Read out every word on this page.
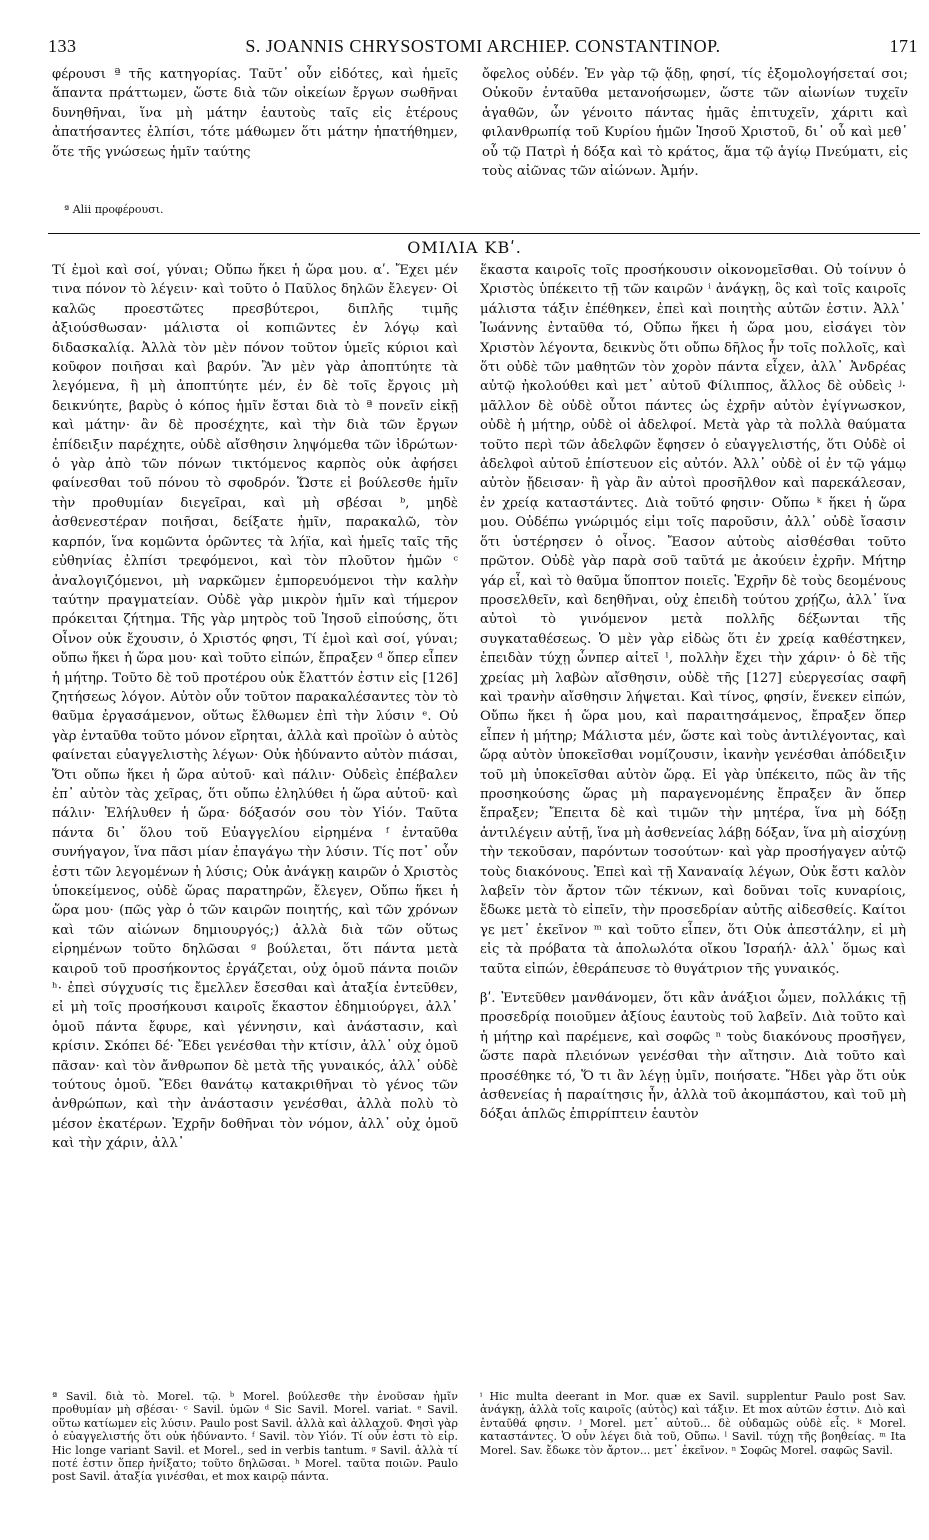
133	S. JOANNIS CHRYSOSTOMI ARCHIEP. CONSTANTINOP.	171

φέρουσι ª τῆς κατηγορίας. Ταῦτ᾽ οὖν εἰδότες, καὶ ἡμεῖς ἅπαντα πράττωμεν, ὥστε διὰ τῶν οἰκείων ἔργων σωθῆναι δυνηθῆναι, ἵνα μὴ μάτην ἑαυτοὺς ταῖς εἰς ἑτέρους ἀπατήσαντες ἐλπίσι, τότε μάθωμεν ὅτι μάτην ἠπατήθημεν, ὅτε τῆς γνώσεως ἡμῖν ταύτης

ª Alii προφέρουσι.

ὄφελος οὐδέν. Ἐν γὰρ τῷ ᾅδῃ, φησί, τίς ἐξομολογήσεταί σοι; Οὐκοῦν ἐνταῦθα μετανοήσωμεν, ὥστε τῶν αἰωνίων τυχεῖν ἀγαθῶν, ὧν γένοιτο πάντας ἡμᾶς ἐπιτυχεῖν, χάριτι καὶ φιλανθρωπίᾳ τοῦ Κυρίου ἡμῶν Ἰησοῦ Χριστοῦ, δι᾽ οὗ καὶ μεθ᾽ οὗ τῷ Πατρὶ ἡ δόξα καὶ τὸ κράτος, ἅμα τῷ ἁγίῳ Πνεύματι, εἰς τοὺς αἰῶνας τῶν αἰώνων. Ἀμήν.

ΟΜΙΛΙΑ ΚΒʹ.

Τί ἐμοὶ καὶ σοί, γύναι; Οὔπω ἥκει ἡ ὥρα μου. αʹ. Ἔχει μέν τινα πόνον τὸ λέγειν· καὶ τοῦτο ὁ Παῦλος δηλῶν ἔλεγεν· Οἱ καλῶς προεστῶτες πρεσβύτεροι, διπλῆς τιμῆς ἀξιούσθωσαν· μάλιστα οἱ κοπιῶντες ἐν λόγῳ καὶ διδασκαλίᾳ. Ἀλλὰ τὸν μὲν πόνον τοῦτον ὑμεῖς κύριοι καὶ κοῦφον ποιῆσαι καὶ βαρύν. Ἂν μὲν γὰρ ἀποπτύητε τὰ λεγόμενα, ἢ μὴ ἀποπτύητε μέν, ἐν δὲ τοῖς ἔργοις μὴ δεικνύητε, βαρὺς ὁ κόπος ἡμῖν ἔσται διὰ τὸ ª πονεῖν εἰκῇ καὶ μάτην· ἂν δὲ προσέχητε, καὶ τὴν διὰ τῶν ἔργων ἐπίδειξιν παρέχητε, οὐδὲ αἴσθησιν ληψόμεθα τῶν ἱδρώτων· ὁ γὰρ ἀπὸ τῶν πόνων τικτόμενος καρπὸς οὐκ ἀφήσει φαίνεσθαι τοῦ πόνου τὸ σφοδρόν. Ὥστε εἰ βούλεσθε ἡμῖν τὴν προθυμίαν διεγεῖραι, καὶ μὴ σβέσαι ᵇ, μηδὲ ἀσθενεστέραν ποιῆσαι, δείξατε ἡμῖν, παρακαλῶ, τὸν καρπόν, ἵνα κομῶντα ὁρῶντες τὰ λήϊα, καὶ ἡμεῖς ταῖς τῆς εὐθηνίας ἐλπίσι τρεφόμενοι, καὶ τὸν πλοῦτον ἡμῶν ᶜ ἀναλογιζόμενοι, μὴ ναρκῶμεν ἐμπορευόμενοι τὴν καλὴν ταύτην πραγματείαν. Οὐδὲ γὰρ μικρὸν ἡμῖν καὶ τήμερον πρόκειται ζήτημα. Τῆς γὰρ μητρὸς τοῦ Ἰησοῦ εἰπούσης, ὅτι Οἶνον οὐκ ἔχουσιν, ὁ Χριστός φησι, Τί ἐμοὶ καὶ σοί, γύναι; οὔπω ἥκει ἡ ὥρα μου· καὶ τοῦτο εἰπών, ἔπραξεν ᵈ ὅπερ εἶπεν ἡ μήτηρ. Τοῦτο δὲ τοῦ προτέρου οὐκ ἔλαττόν ἐστιν εἰς [126] ζητήσεως λόγον. Αὐτὸν οὖν τοῦτον παρακαλέσαντες τὸν τὸ θαῦμα ἐργασάμενον, οὕτως ἔλθωμεν ἐπὶ τὴν λύσιν ᵉ. Οὐ γὰρ ἐνταῦθα τοῦτο μόνον εἴρηται, ἀλλὰ καὶ προϊὼν ὁ αὐτὸς φαίνεται εὐαγγελιστὴς λέγων· Οὐκ ἠδύναντο αὐτὸν πιάσαι, Ὅτι οὔπω ἥκει ἡ ὥρα αὐτοῦ· καὶ πάλιν· Οὐδεὶς ἐπέβαλεν ἐπ᾽ αὐτὸν τὰς χεῖρας, ὅτι οὔπω ἐληλύθει ἡ ὥρα αὐτοῦ· καὶ πάλιν· Ἐλήλυθεν ἡ ὥρα· δόξασόν σου τὸν Υἱόν. Ταῦτα πάντα δι᾽ ὅλου τοῦ Εὐαγγελίου εἰρημένα ᶠ ἐνταῦθα συνήγαγον, ἵνα πᾶσι μίαν ἐπαγάγω τὴν λύσιν. Τίς ποτ᾽ οὖν ἐστι τῶν λεγομένων ἡ λύσις; Οὐκ ἀνάγκῃ καιρῶν ὁ Χριστὸς ὑποκείμενος, οὐδὲ ὥρας παρατηρῶν, ἔλεγεν, Οὔπω ἥκει ἡ ὥρα μου· (πῶς γὰρ ὁ τῶν καιρῶν ποιητής, καὶ τῶν χρόνων καὶ τῶν αἰώνων δημιουργός;) ἀλλὰ διὰ τῶν οὕτως εἰρημένων τοῦτο δηλῶσαι ᵍ βούλεται, ὅτι πάντα μετὰ καιροῦ τοῦ προσήκοντος ἐργάζεται, οὐχ ὁμοῦ πάντα ποιῶν ʰ· ἐπεὶ σύγχυσίς τις ἔμελλεν ἔσεσθαι καὶ ἀταξία ἐντεῦθεν, εἰ μὴ τοῖς προσήκουσι καιροῖς ἕκαστον ἐδημιούργει, ἀλλ᾽ ὁμοῦ πάντα ἔφυρε, καὶ γέννησιν, καὶ ἀνάστασιν, καὶ κρίσιν. Σκόπει δέ· Ἔδει γενέσθαι τὴν κτίσιν, ἀλλ᾽ οὐχ ὁμοῦ πᾶσαν· καὶ τὸν ἄνθρωπον δὲ μετὰ τῆς γυναικός, ἀλλ᾽ οὐδὲ τούτους ὁμοῦ. Ἔδει θανάτῳ κατακριθῆναι τὸ γένος τῶν ἀνθρώπων, καὶ τὴν ἀνάστασιν γενέσθαι, ἀλλὰ πολὺ τὸ μέσον ἑκατέρων. Ἐχρῆν δοθῆναι τὸν νόμον, ἀλλ᾽ οὐχ ὁμοῦ καὶ τὴν χάριν, ἀλλ᾽

ἕκαστα καιροῖς τοῖς προσήκουσιν οἰκονομεῖσθαι. Οὐ τοίνυν ὁ Χριστὸς ὑπέκειτο τῇ τῶν καιρῶν ⁱ ἀνάγκῃ, ὃς καὶ τοῖς καιροῖς μάλιστα τάξιν ἐπέθηκεν, ἐπεὶ καὶ ποιητὴς αὐτῶν ἐστιν. Ἀλλ᾽ Ἰωάννης ἐνταῦθα τό, Οὔπω ἥκει ἡ ὥρα μου, εἰσάγει τὸν Χριστὸν λέγοντα, δεικνὺς ὅτι οὔπω δῆλος ἦν τοῖς πολλοῖς, καὶ ὅτι οὐδὲ τῶν μαθητῶν τὸν χορὸν πάντα εἶχεν, ἀλλ᾽ Ἀνδρέας αὐτῷ ἠκολούθει καὶ μετ᾽ αὐτοῦ Φίλιππος, ἄλλος δὲ οὐδεὶς ʲ· μᾶλλον δὲ οὐδὲ οὗτοι πάντες ὡς ἐχρῆν αὐτὸν ἐγίγνωσκον, οὐδὲ ἡ μήτηρ, οὐδὲ οἱ ἀδελφοί. Μετὰ γὰρ τὰ πολλὰ θαύματα τοῦτο περὶ τῶν ἀδελφῶν ἔφησεν ὁ εὐαγγελιστής, ὅτι Οὐδὲ οἱ ἀδελφοὶ αὐτοῦ ἐπίστευον εἰς αὐτόν. Ἀλλ᾽ οὐδὲ οἱ ἐν τῷ γάμῳ αὐτὸν ᾔδεισαν· ἢ γὰρ ἂν αὐτοὶ προσῆλθον καὶ παρεκάλεσαν, ἐν χρείᾳ καταστάντες. Διὰ τοῦτό φησιν· Οὔπω ᵏ ἥκει ἡ ὥρα μου. Οὐδέπω γνώριμός εἰμι τοῖς παροῦσιν, ἀλλ᾽ οὐδὲ ἴσασιν ὅτι ὑστέρησεν ὁ οἶνος. Ἔασον αὐτοὺς αἰσθέσθαι τοῦτο πρῶτον. Οὐδὲ γὰρ παρὰ σοῦ ταῦτά με ἀκούειν ἐχρῆν. Μήτηρ γάρ εἶ, καὶ τὸ θαῦμα ὕποπτον ποιεῖς. Ἐχρῆν δὲ τοὺς δεομένους προσελθεῖν, καὶ δεηθῆναι, οὐχ ἐπειδὴ τούτου χρῄζω, ἀλλ᾽ ἵνα αὐτοὶ τὸ γινόμενον μετὰ πολλῆς δέξωνται τῆς συγκαταθέσεως. Ὁ μὲν γὰρ εἰδὼς ὅτι ἐν χρείᾳ καθέστηκεν, ἐπειδὰν τύχῃ ὧνπερ αἰτεῖ ˡ, πολλὴν ἔχει τὴν χάριν· ὁ δὲ τῆς χρείας μὴ λαβὼν αἴσθησιν, οὐδὲ τῆς [127] εὐεργεσίας σαφῆ καὶ τρανὴν αἴσθησιν λήψεται. Καὶ τίνος, φησίν, ἕνεκεν εἰπών, Οὔπω ἥκει ἡ ὥρα μου, καὶ παραιτησάμενος, ἔπραξεν ὅπερ εἶπεν ἡ μήτηρ; Μάλιστα μέν, ὥστε καὶ τοὺς ἀντιλέγοντας, καὶ ὥρᾳ αὐτὸν ὑποκεῖσθαι νομίζουσιν, ἱκανὴν γενέσθαι ἀπόδειξιν τοῦ μὴ ὑποκεῖσθαι αὐτὸν ὥρᾳ. Εἰ γὰρ ὑπέκειτο, πῶς ἂν τῆς προσηκούσης ὥρας μὴ παραγενομένης ἔπραξεν ἂν ὅπερ ἔπραξεν; Ἔπειτα δὲ καὶ τιμῶν τὴν μητέρα, ἵνα μὴ δόξῃ ἀντιλέγειν αὐτῇ, ἵνα μὴ ἀσθενείας λάβῃ δόξαν, ἵνα μὴ αἰσχύνῃ τὴν τεκοῦσαν, παρόντων τοσούτων· καὶ γὰρ προσήγαγεν αὐτῷ τοὺς διακόνους. Ἐπεὶ καὶ τῇ Χαναναίᾳ λέγων, Οὐκ ἔστι καλὸν λαβεῖν τὸν ἄρτον τῶν τέκνων, καὶ δοῦναι τοῖς κυναρίοις, ἔδωκε μετὰ τὸ εἰπεῖν, τὴν προσεδρίαν αὐτῆς αἰδεσθείς. Καίτοι γε μετ᾽ ἐκεῖνον ᵐ καὶ τοῦτο εἶπεν, ὅτι Οὐκ ἀπεστάλην, εἰ μὴ εἰς τὰ πρόβατα τὰ ἀπολωλότα οἴκου Ἰσραήλ· ἀλλ᾽ ὅμως καὶ ταῦτα εἰπών, ἐθεράπευσε τὸ θυγάτριον τῆς γυναικός.

βʹ. Ἐντεῦθεν μανθάνομεν, ὅτι κἂν ἀνάξιοι ὦμεν, πολλάκις τῇ προσεδρίᾳ ποιοῦμεν ἀξίους ἑαυτοὺς τοῦ λαβεῖν. Διὰ τοῦτο καὶ ἡ μήτηρ καὶ παρέμενε, καὶ σοφῶς ⁿ τοὺς διακόνους προσῆγεν, ὥστε παρὰ πλειόνων γενέσθαι τὴν αἴτησιν. Διὰ τοῦτο καὶ προσέθηκε τό, Ὅ τι ἂν λέγῃ ὑμῖν, ποιήσατε. Ἤδει γὰρ ὅτι οὐκ ἀσθενείας ἡ παραίτησις ἦν, ἀλλὰ τοῦ ἀκομπάστου, καὶ τοῦ μὴ δόξαι ἁπλῶς ἐπιρρίπτειν ἑαυτὸν

ª Savil. διὰ τὸ. Morel. τῷ. ᵇ Morel. βούλεσθε τὴν ἐνοῦσαν ἡμῖν προθυμίαν μὴ σβέσαι· ᶜ Savil. ὑμῶν ᵈ Sic Savil. Morel. variat. ᵉ Savil. οὕτω κατίωμεν εἰς λύσιν. Paulo post Savil. ἀλλὰ καὶ ἀλλαχοῦ. Φησὶ γὰρ ὁ εὐαγγελιστής ὅτι οὐκ ἠδύναντο. ᶠ Savil. τὸν Υἱόν. Τί οὖν ἐστι τὸ εἰρ. Hic longe variant Savil. et Morel., sed in verbis tantum. ᵍ Savil. ἀλλὰ τί ποτέ ἐστιν ὅπερ ἠνίξατο; τοῦτο δηλῶσαι. ʰ Morel. ταῦτα ποιῶν. Paulo post Savil. ἀταξία γινέσθαι, et mox καιρῷ πάντα.

ⁱ Hic multa deerant in Mor. quæ ex Savil. supplentur Paulo post Sav. ἀνάγκῃ, ἀλλὰ τοῖς καιροῖς (αὐτὸς) καὶ τάξιν. Et mox αὐτῶν ἐστιν. Διὸ καὶ ἐνταῦθά φησιν. ʲ Morel. μετ᾽ αὐτοῦ... δὲ οὐδαμῶς οὐδὲ εἷς. ᵏ Morel. καταστάντες. Ὁ οὖν λέγει διὰ τοῦ, Οὔπω. ˡ Savil. τύχῃ τῆς βοηθείας. ᵐ Ita Morel. Sav. ἔδωκε τὸν ἄρτον... μετ᾽ ἐκεῖνον. ⁿ Σοφῶς Morel. σαφῶς Savil.
